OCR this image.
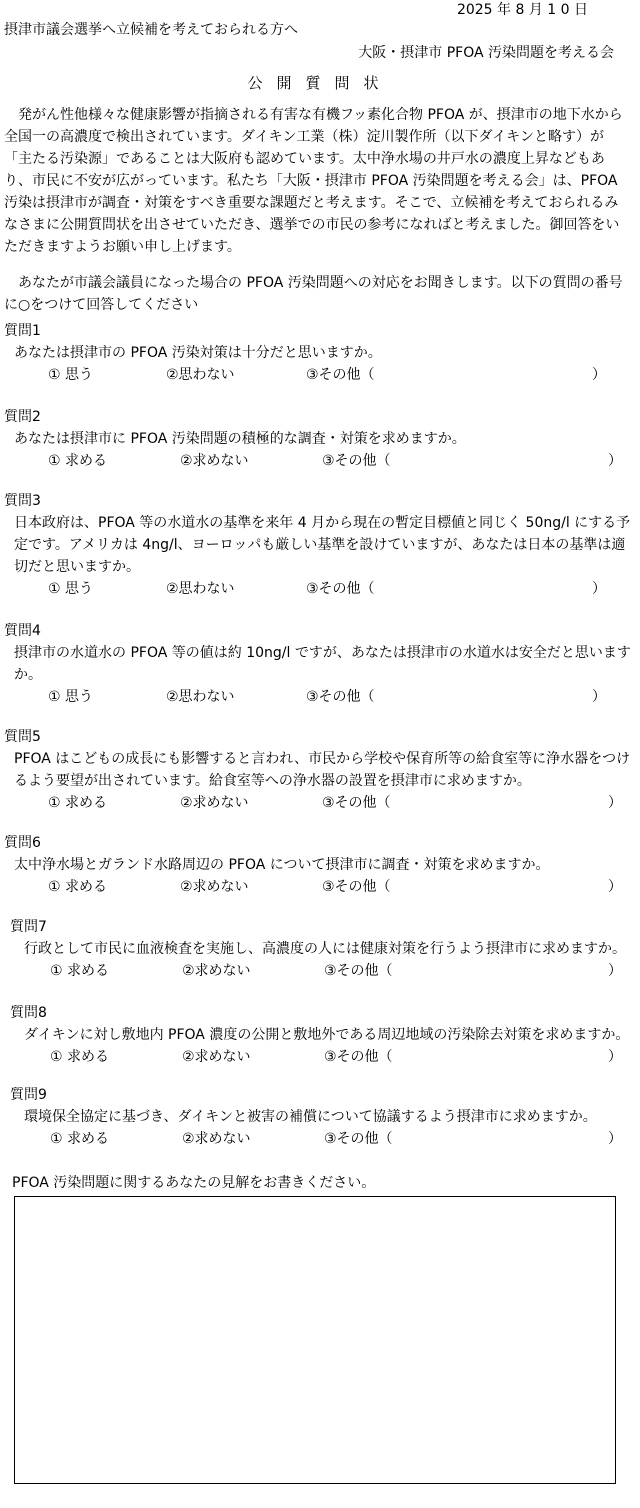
2025 年 8 月 1 0 日
摂津市議会選挙へ立候補を考えておられる方へ
大阪・摂津市 PFOA 汚染問題を考える会
公開質問状

発がん性他様々な健康影響が指摘される有害な有機フッ素化合物 PFOA が、摂津市の地下水から全国一の高濃度で検出されています。ダイキン工業（株）淀川製作所（以下ダイキンと略す）が「主たる汚染源」であることは大阪府も認めています。太中浄水場の井戸水の濃度上昇などもあり、市民に不安が広がっています。私たち「大阪・摂津市 PFOA 汚染問題を考える会」は、PFOA 汚染は摂津市が調査・対策をすべき重要な課題だと考えます。そこで、立候補を考えておられるみなさまに公開質問状を出させていただき、選挙での市民の参考になればと考えました。御回答をいただきますようお願い申し上げます。

あなたが市議会議員になった場合の PFOA 汚染問題への対応をお聞きします。以下の質問の番号に○をつけて回答してください

質問1

あなたは摂津市の PFOA 汚染対策は十分だと思いますか。

① 思う	②思わない	③その他（	）
質問2

あなたは摂津市に PFOA 汚染問題の積極的な調査・対策を求めますか。

① 求める	②求めない	③その他（	）
質問3

日本政府は、PFOA 等の水道水の基準を来年 4 月から現在の暫定目標値と同じく 50ng/l にする予定です。アメリカは 4ng/l、ヨーロッパも厳しい基準を設けていますが、あなたは日本の基準は適切だと思いますか。

① 思う	②思わない	③その他（	）
質問4

摂津市の水道水の PFOA 等の値は約 10ng/l ですが、あなたは摂津市の水道水は安全だと思いますか。

① 思う	②思わない	③その他（	）
質問5

PFOA はこどもの成長にも影響すると言われ、市民から学校や保育所等の給食室等に浄水器をつけるよう要望が出されています。給食室等への浄水器の設置を摂津市に求めますか。

① 求める	②求めない	③その他（	）
質問6

太中浄水場とガランド水路周辺の PFOA について摂津市に調査・対策を求めますか。

① 求める	②求めない	③その他（	）
質問7

行政として市民に血液検査を実施し、高濃度の人には健康対策を行うよう摂津市に求めますか。

① 求める	②求めない	③その他（	）
質問8

ダイキンに対し敷地内 PFOA 濃度の公開と敷地外である周辺地域の汚染除去対策を求めますか。

① 求める	②求めない	③その他（	）
質問9

環境保全協定に基づき、ダイキンと被害の補償について協議するよう摂津市に求めますか。

① 求める	②求めない	③その他（	）
PFOA 汚染問題に関するあなたの見解をお書きください。
